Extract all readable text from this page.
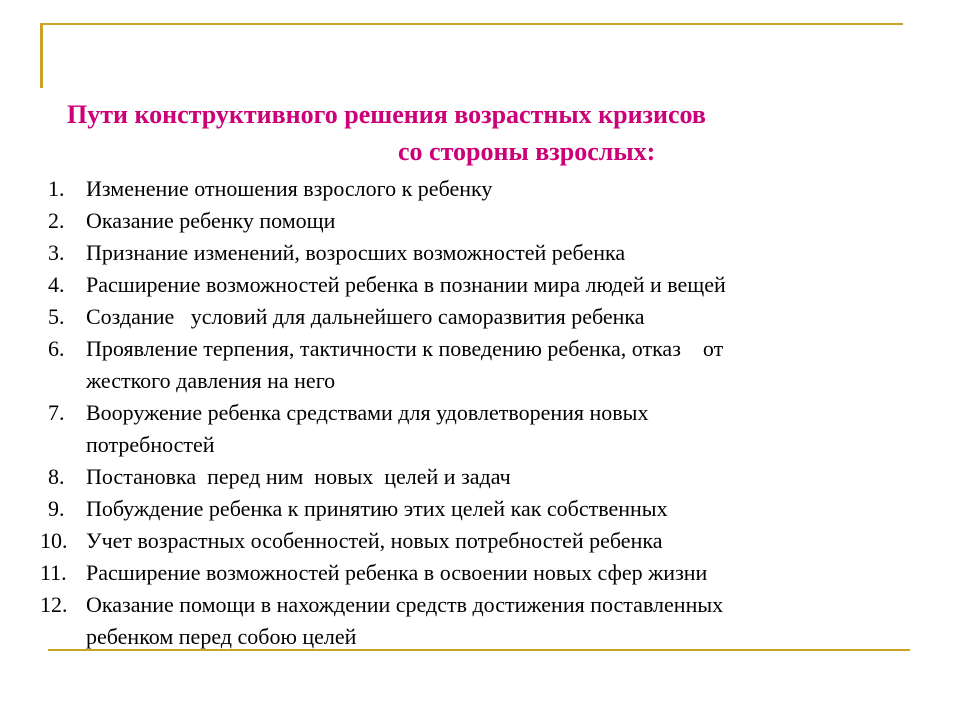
Пути конструктивного решения возрастных кризисов
со стороны взрослых:
1. Изменение отношения взрослого к ребенку
2. Оказание ребенку помощи
3. Признание изменений, возросших возможностей ребенка
4. Расширение возможностей ребенка в познании мира людей и вещей
5. Создание   условий для дальнейшего саморазвития ребенка
6. Проявление терпения, тактичности к поведению ребенка, отказ    от
жесткого давления на него
7. Вооружение ребенка средствами для удовлетворения новых
потребностей
8. Постановка  перед ним  новых  целей и задач
9. Побуждение ребенка к принятию этих целей как собственных
10. Учет возрастных особенностей, новых потребностей ребенка
11. Расширение возможностей ребенка в освоении новых сфер жизни
12. Оказание помощи в нахождении средств достижения поставленных
ребенком перед собою целей
